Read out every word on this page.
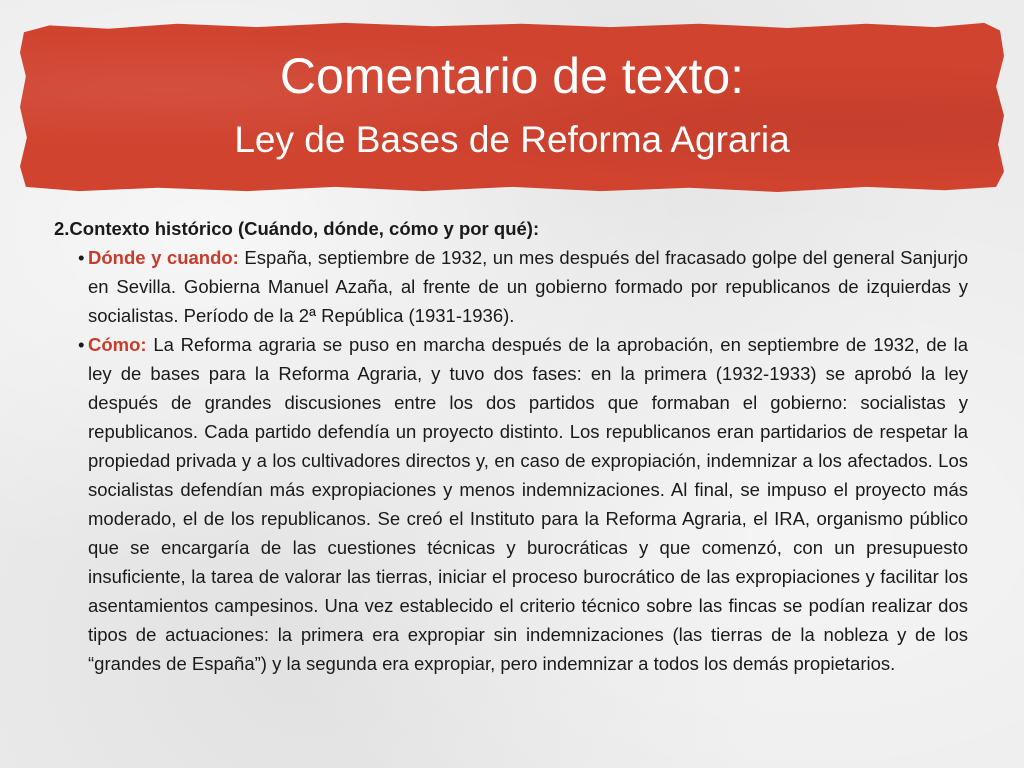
Comentario de texto:
Ley de Bases de Reforma Agraria

2.Contexto histórico (Cuándo, dónde, cómo y por qué):

• Dónde y cuando: España, septiembre de 1932, un mes después del fracasado golpe del general Sanjurjo en Sevilla. Gobierna Manuel Azaña, al frente de un gobierno formado por republicanos de izquierdas y socialistas. Período de la 2ª República (1931-1936).

• Cómo: La Reforma agraria se puso en marcha después de la aprobación, en septiembre de 1932, de la ley de bases para la Reforma Agraria, y tuvo dos fases: en la primera (1932-1933) se aprobó la ley después de grandes discusiones entre los dos partidos que formaban el gobierno: socialistas y republicanos. Cada partido defendía un proyecto distinto. Los republicanos eran partidarios de respetar la propiedad privada y a los cultivadores directos y, en caso de expropiación, indemnizar a los afectados. Los socialistas defendían más expropiaciones y menos indemnizaciones. Al final, se impuso el proyecto más moderado, el de los republicanos. Se creó el Instituto para la Reforma Agraria, el IRA, organismo público que se encargaría de las cuestiones técnicas y burocráticas y que comenzó, con un presupuesto insuficiente, la tarea de valorar las tierras, iniciar el proceso burocrático de las expropiaciones y facilitar los asentamientos campesinos. Una vez establecido el criterio técnico sobre las fincas se podían realizar dos tipos de actuaciones: la primera era expropiar sin indemnizaciones (las tierras de la nobleza y de los “grandes de España”) y la segunda era expropiar, pero indemnizar a todos los demás propietarios.
